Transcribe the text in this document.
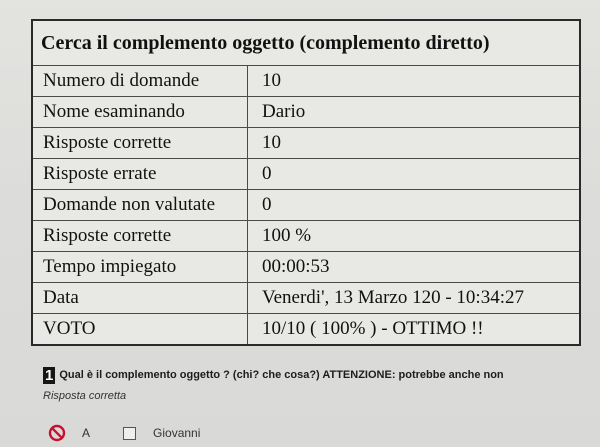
Cerca il complemento oggetto (complemento diretto)	
Numero di domande	10
Nome esaminando	Dario
Risposte corrette	10
Risposte errate	0
Domande non valutate	0
Risposte corrette	100 %
Tempo impiegato	00:00:53
Data	Venerdi', 13 Marzo 120 - 10:34:27
VOTO	10/10 ( 100% ) - OTTIMO !!
1 Qual è il complemento oggetto ? (chi? che cosa?) ATTENZIONE: potrebbe anche non
Risposta corretta
A	Giovanni
